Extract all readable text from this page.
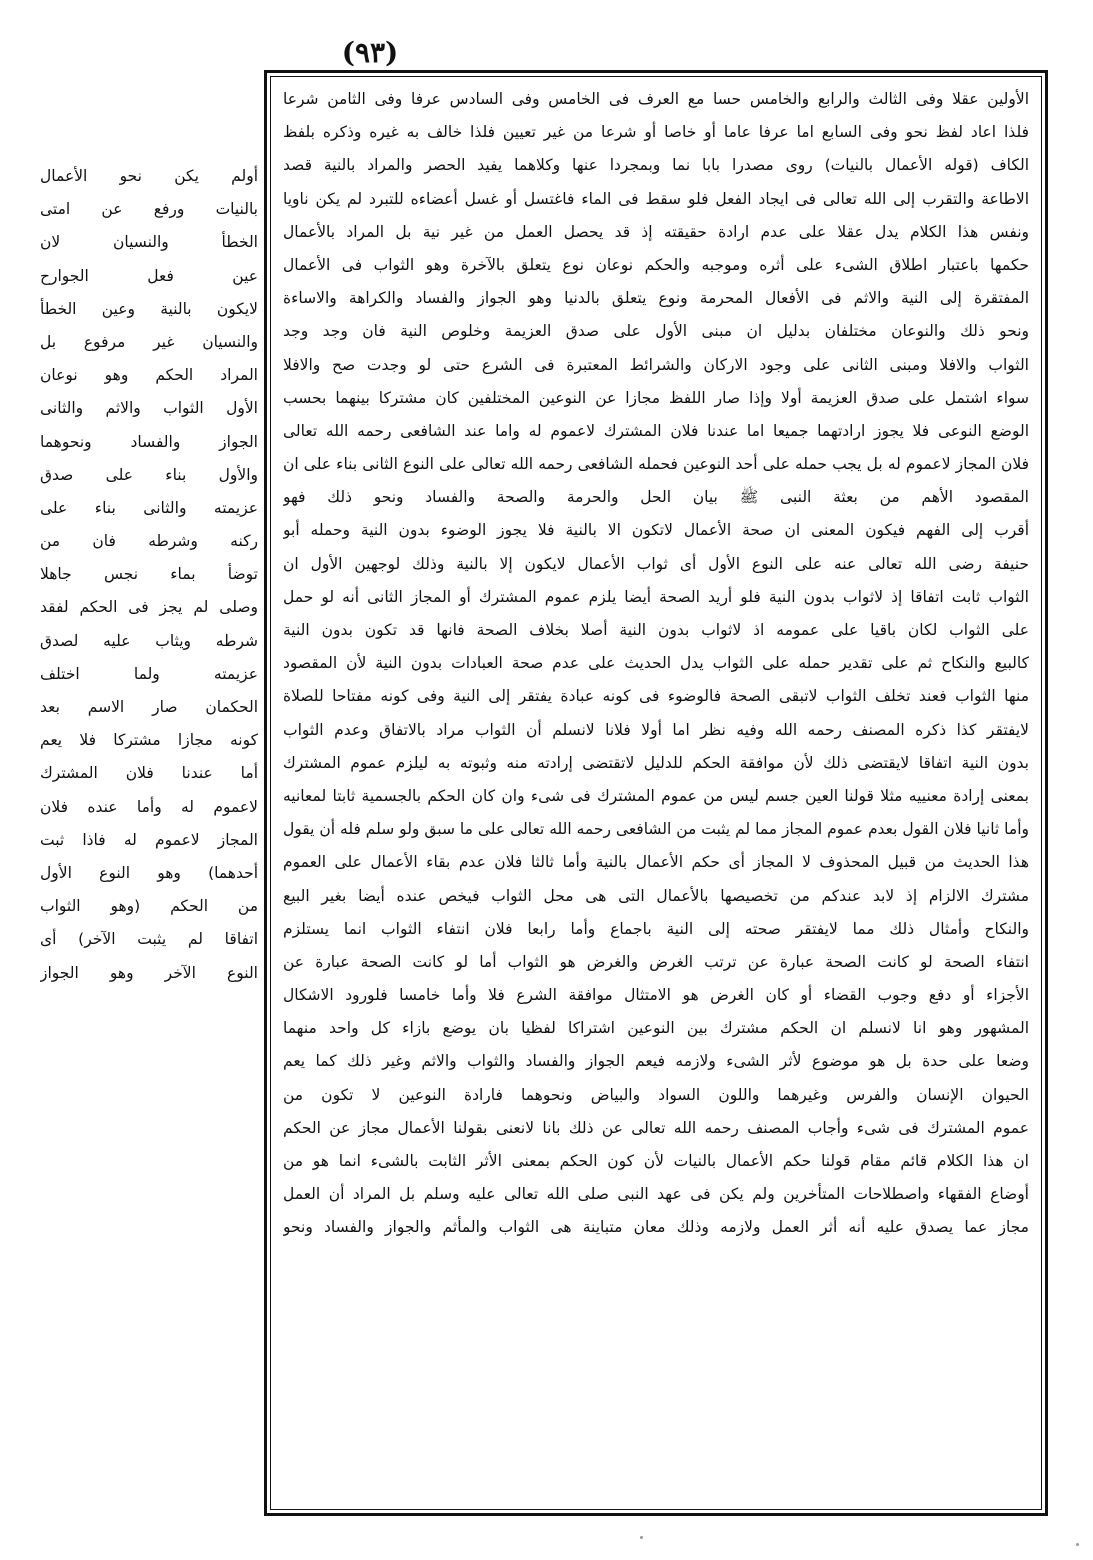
(٩٣)
الأولين عقلا وفى الثالث والرابع والخامس حسا مع العرف فى الخامس وفى السادس عرفا وفى الثامن شرعا
فلذا اعاد لفظ نحو وفى السابع اما عرفا عاما أو خاصا أو شرعا من غير تعيين فلذا خالف به غيره وذكره بلفظ
الكاف (قوله الأعمال بالنيات) روى مصدرا بابا نما وبمجردا عنها وكلاهما يفيد الحصر والمراد بالنية قصد
الاطاعة والتقرب إلى الله تعالى فى ايجاد الفعل فلو سقط فى الماء فاغتسل أو غسل أعضاءه للتبرد لم يكن ناويا
ونفس هذا الكلام يدل عقلا على عدم ارادة حقيقته إذ قد يحصل العمل من غير نية بل المراد بالأعمال
حكمها باعتبار اطلاق الشىء على أثره وموجبه والحكم نوعان نوع يتعلق بالآخرة وهو الثواب فى الأعمال
المفتقرة إلى النية والاثم فى الأفعال المحرمة ونوع يتعلق بالدنيا وهو الجواز والفساد والكراهة والاساءة
ونحو ذلك والنوعان مختلفان بدليل ان مبنى الأول على صدق العزيمة وخلوص النية فان وجد وجد
الثواب والافلا ومبنى الثانى على وجود الاركان والشرائط المعتبرة فى الشرع حتى لو وجدت صح والافلا
سواء اشتمل على صدق العزيمة أولا وإذا صار اللفظ مجازا عن النوعين المختلفين كان مشتركا بينهما بحسب
الوضع النوعى فلا يجوز ارادتهما جميعا اما عندنا فلان المشترك لاعموم له واما عند الشافعى رحمه الله تعالى
فلان المجاز لاعموم له بل يجب حمله على أحد النوعين فحمله الشافعى رحمه الله تعالى على النوع الثانى بناء على ان
المقصود الأهم من بعثة النبى ﷺ بيان الحل والحرمة والصحة والفساد ونحو ذلك فهو
أقرب إلى الفهم فيكون المعنى ان صحة الأعمال لاتكون الا بالنية فلا يجوز الوضوء بدون النية وحمله أبو
حنيفة رضى الله تعالى عنه على النوع الأول أى ثواب الأعمال لايكون إلا بالنية وذلك لوجهين الأول ان
الثواب ثابت اتفاقا إذ لاثواب بدون النية فلو أريد الصحة أيضا يلزم عموم المشترك أو المجاز الثانى أنه لو حمل
على الثواب لكان باقيا على عمومه اذ لاثواب بدون النية أصلا بخلاف الصحة فانها قد تكون بدون النية
كالبيع والنكاح ثم على تقدير حمله على الثواب يدل الحديث على عدم صحة العبادات بدون النية لأن المقصود
منها الثواب فعند تخلف الثواب لاتبقى الصحة فالوضوء فى كونه عبادة يفتقر إلى النية وفى كونه مفتاحا للصلاة
لايفتقر كذا ذكره المصنف رحمه الله وفيه نظر اما أولا فلانا لانسلم أن الثواب مراد بالاتفاق وعدم الثواب
بدون النية اتفاقا لايقتضى ذلك لأن موافقة الحكم للدليل لاتقتضى إرادته منه وثبوته به ليلزم عموم المشترك
بمعنى إرادة معنييه مثلا قولنا العين جسم ليس من عموم المشترك فى شىء وان كان الحكم بالجسمية ثابتا لمعانيه
وأما ثانيا فلان القول بعدم عموم المجاز مما لم يثبت من الشافعى رحمه الله تعالى على ما سبق ولو سلم فله أن يقول
هذا الحديث من قبيل المحذوف لا المجاز أى حكم الأعمال بالنية وأما ثالثا فلان عدم بقاء الأعمال على العموم
مشترك الالزام إذ لابد عندكم من تخصيصها بالأعمال التى هى محل الثواب فيخص عنده أيضا بغير البيع
والنكاح وأمثال ذلك مما لايفتقر صحته إلى النية باجماع وأما رابعا فلان انتفاء الثواب انما يستلزم
انتفاء الصحة لو كانت الصحة عبارة عن ترتب الغرض والغرض هو الثواب أما لو كانت الصحة عبارة عن
الأجزاء أو دفع وجوب القضاء أو كان الغرض هو الامتثال موافقة الشرع فلا وأما خامسا فلورود الاشكال
المشهور وهو انا لانسلم ان الحكم مشترك بين النوعين اشتراكا لفظيا بان يوضع بازاء كل واحد منهما
وضعا على حدة بل هو موضوع لأثر الشىء ولازمه فيعم الجواز والفساد والثواب والاثم وغير ذلك كما يعم
الحيوان الإنسان والفرس وغيرهما واللون السواد والبياض ونحوهما فارادة النوعين لا تكون من
عموم المشترك فى شىء وأجاب المصنف رحمه الله تعالى عن ذلك بانا لانعنى بقولنا الأعمال مجاز عن الحكم
ان هذا الكلام قائم مقام قولنا حكم الأعمال بالنيات لأن كون الحكم بمعنى الأثر الثابت بالشىء انما هو من
أوضاع الفقهاء واصطلاحات المتأخرين ولم يكن فى عهد النبى صلى الله تعالى عليه وسلم بل المراد أن العمل
مجاز عما يصدق عليه أنه أثر العمل ولازمه وذلك معان متباينة هى الثواب والمأثم والجواز والفساد ونحو
أولم يكن نحو الأعمال
بالنيات ورفع عن امتى
الخطأ والنسيان لان
عين فعل الجوارح
لايكون بالنية وعين الخطأ
والنسيان غير مرفوع بل
المراد الحكم وهو نوعان
الأول الثواب والاثم والثانى
الجواز والفساد ونحوهما
والأول بناء على صدق
عزيمته والثانى بناء على
ركنه وشرطه فان من
توضأ بماء نجس جاهلا
وصلى لم يجز فى الحكم لفقد
شرطه ويثاب عليه لصدق
عزيمته ولما اختلف
الحكمان صار الاسم بعد
كونه مجازا مشتركا فلا يعم
أما عندنا فلان المشترك
لاعموم له وأما عنده فلان
المجاز لاعموم له فاذا ثبت
أحدهما) وهو النوع الأول
من الحكم (وهو الثواب
اتفاقا لم يثبت الآخر) أى
النوع الآخر وهو الجواز
